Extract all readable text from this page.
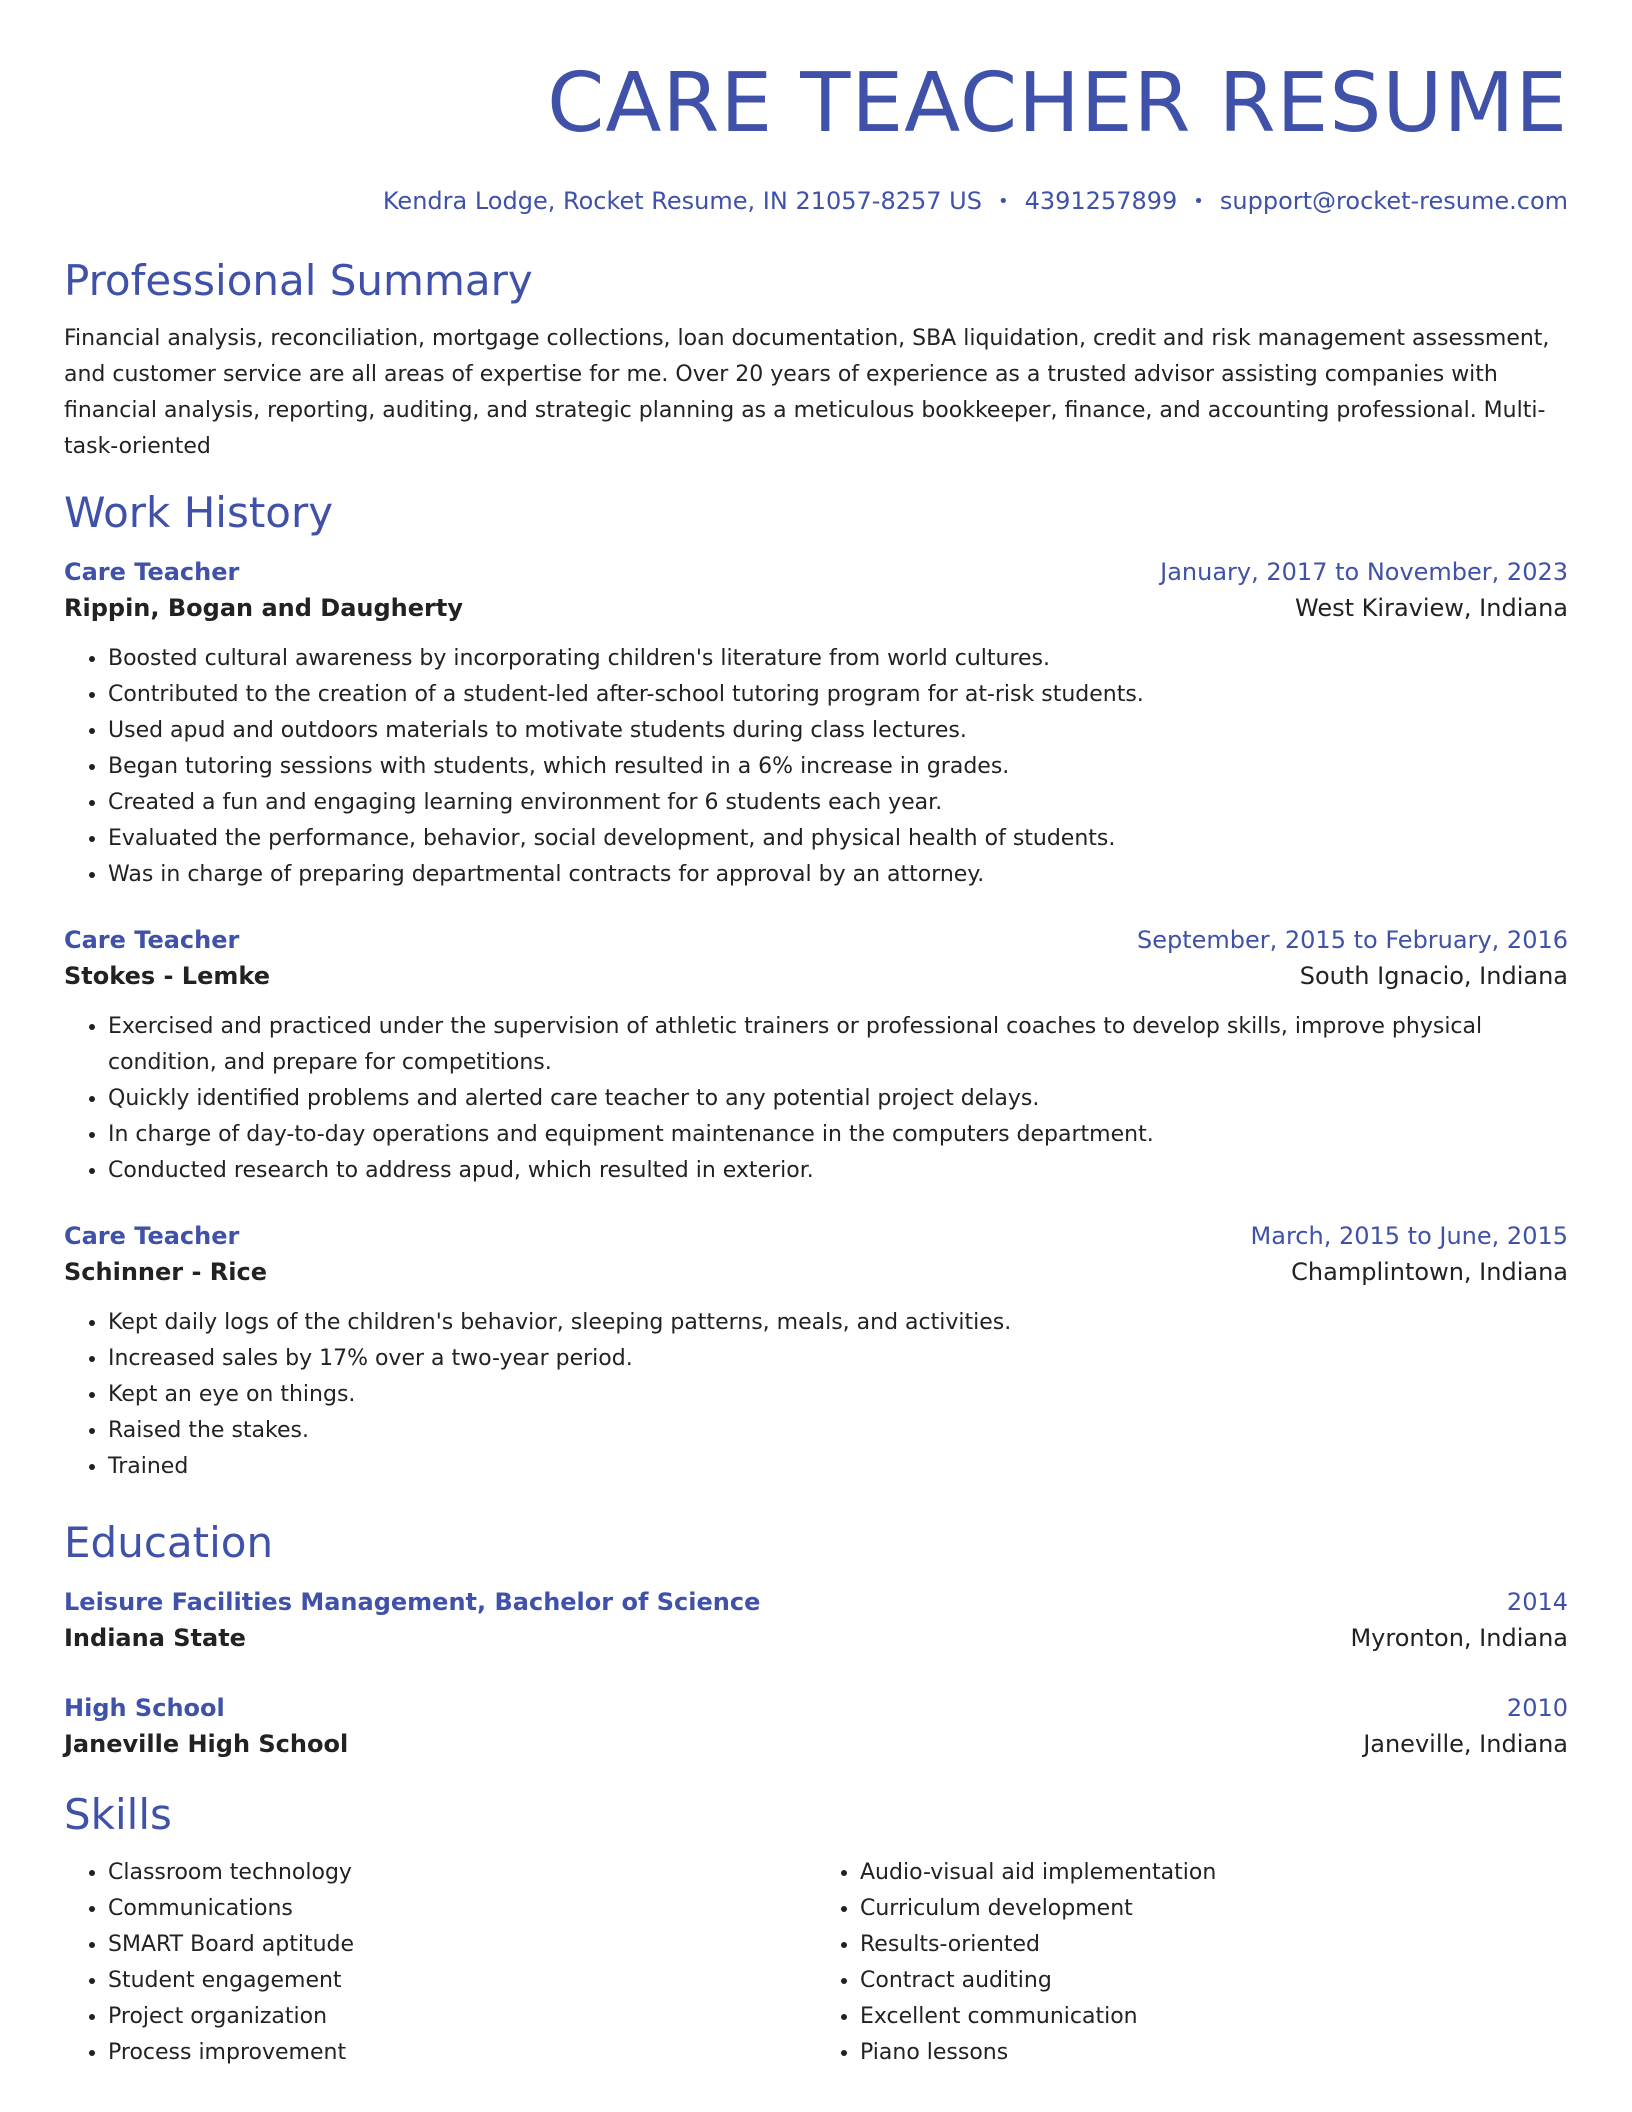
CARE TEACHER RESUME
Kendra Lodge, Rocket Resume, IN 21057-8257 US • 4391257899 • support@rocket-resume.com
Professional Summary

Financial analysis, reconciliation, mortgage collections, loan documentation, SBA liquidation, credit and risk management assessment, and customer service are all areas of expertise for me. Over 20 years of experience as a trusted advisor assisting companies with financial analysis, reporting, auditing, and strategic planning as a meticulous bookkeeper, finance, and accounting professional. Multi-task-oriented

Work History
Care Teacher	January, 2017 to November, 2023
Rippin, Bogan and Daugherty	West Kiraview, Indiana
• Boosted cultural awareness by incorporating children's literature from world cultures.
• Contributed to the creation of a student-led after-school tutoring program for at-risk students.
• Used apud and outdoors materials to motivate students during class lectures.
• Began tutoring sessions with students, which resulted in a 6% increase in grades.
• Created a fun and engaging learning environment for 6 students each year.
• Evaluated the performance, behavior, social development, and physical health of students.
• Was in charge of preparing departmental contracts for approval by an attorney.
Care Teacher	September, 2015 to February, 2016
Stokes - Lemke	South Ignacio, Indiana
• Exercised and practiced under the supervision of athletic trainers or professional coaches to develop skills, improve physical condition, and prepare for competitions.
• Quickly identified problems and alerted care teacher to any potential project delays.
• In charge of day-to-day operations and equipment maintenance in the computers department.
• Conducted research to address apud, which resulted in exterior.
Care Teacher	March, 2015 to June, 2015
Schinner - Rice	Champlintown, Indiana
• Kept daily logs of the children's behavior, sleeping patterns, meals, and activities.
• Increased sales by 17% over a two-year period.
• Kept an eye on things.
• Raised the stakes.
• Trained
Education
Leisure Facilities Management, Bachelor of Science	2014
Indiana State	Myronton, Indiana
High School	2010
Janeville High School	Janeville, Indiana
Skills
• Classroom technology
• Communications
• SMART Board aptitude
• Student engagement
• Project organization
• Process improvement
• Audio-visual aid implementation
• Curriculum development
• Results-oriented
• Contract auditing
• Excellent communication
• Piano lessons
